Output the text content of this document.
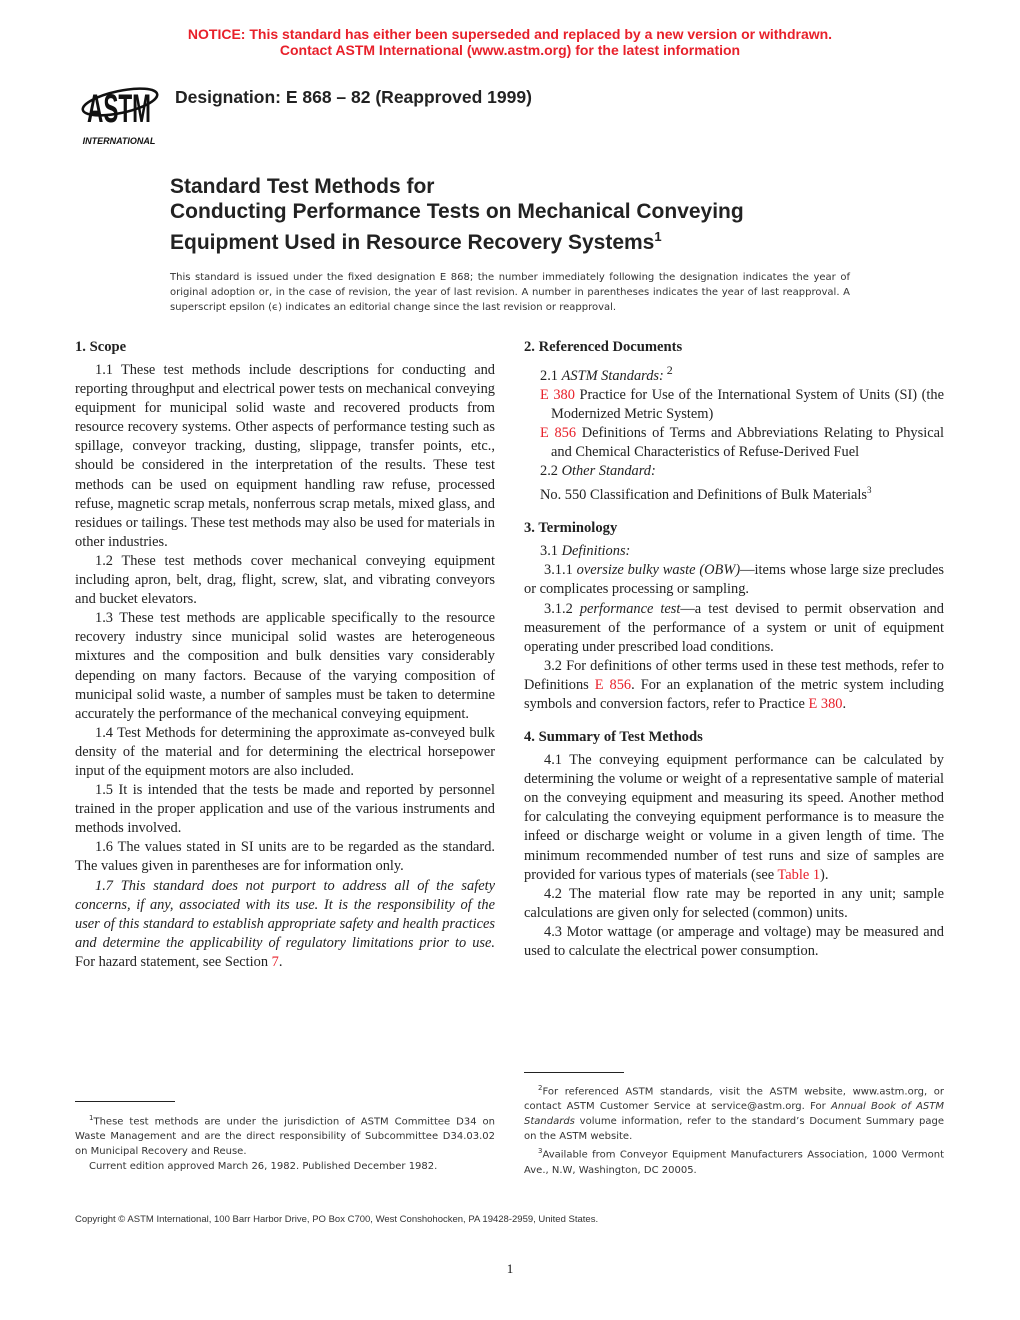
NOTICE: This standard has either been superseded and replaced by a new version or withdrawn.
Contact ASTM International (www.astm.org) for the latest information
ASTM
INTERNATIONAL
Designation: E 868 – 82 (Reapproved 1999)
Standard Test Methods for
Conducting Performance Tests on Mechanical Conveying
Equipment Used in Resource Recovery Systems$^1$
This standard is issued under the fixed designation E 868; the number immediately following the designation indicates the year of original adoption or, in the case of revision, the year of last revision. A number in parentheses indicates the year of last reapproval. A superscript epsilon (ϵ) indicates an editorial change since the last revision or reapproval.
1. Scope

1.1 These test methods include descriptions for conducting and reporting throughput and electrical power tests on mechanical conveying equipment for municipal solid waste and recovered products from resource recovery systems. Other aspects of performance testing such as spillage, conveyor tracking, dusting, slippage, transfer points, etc., should be considered in the interpretation of the results. These test methods can be used on equipment handling raw refuse, processed refuse, magnetic scrap metals, nonferrous scrap metals, mixed glass, and residues or tailings. These test methods may also be used for materials in other industries.

1.2 These test methods cover mechanical conveying equipment including apron, belt, drag, flight, screw, slat, and vibrating conveyors and bucket elevators.

1.3 These test methods are applicable specifically to the resource recovery industry since municipal solid wastes are heterogeneous mixtures and the composition and bulk densities vary considerably depending on many factors. Because of the varying composition of municipal solid waste, a number of samples must be taken to determine accurately the performance of the mechanical conveying equipment.

1.4 Test Methods for determining the approximate as-conveyed bulk density of the material and for determining the electrical horsepower input of the equipment motors are also included.

1.5 It is intended that the tests be made and reported by personnel trained in the proper application and use of the various instruments and methods involved.

1.6 The values stated in SI units are to be regarded as the standard. The values given in parentheses are for information only.

1.7 This standard does not purport to address all of the safety concerns, if any, associated with its use. It is the responsibility of the user of this standard to establish appropriate safety and health practices and determine the applicability of regulatory limitations prior to use. For hazard statement, see Section 7.

2. Referenced Documents

2.1 ASTM Standards: $^2$

E 380 Practice for Use of the International System of Units (SI) (the Modernized Metric System)

E 856 Definitions of Terms and Abbreviations Relating to Physical and Chemical Characteristics of Refuse-Derived Fuel

2.2 Other Standard:

No. 550 Classification and Definitions of Bulk Materials$^3$

3. Terminology

3.1 Definitions:

3.1.1 oversize bulky waste (OBW)—items whose large size precludes or complicates processing or sampling.

3.1.2 performance test—a test devised to permit observation and measurement of the performance of a system or unit of equipment operating under prescribed load conditions.

3.2 For definitions of other terms used in these test methods, refer to Definitions E 856. For an explanation of the metric system including symbols and conversion factors, refer to Practice E 380.

4. Summary of Test Methods

4.1 The conveying equipment performance can be calculated by determining the volume or weight of a representative sample of material on the conveying equipment and measuring its speed. Another method for calculating the conveying equipment performance is to measure the infeed or discharge weight or volume in a given length of time. The minimum recommended number of test runs and size of samples are provided for various types of materials (see Table 1).

4.2 The material flow rate may be reported in any unit; sample calculations are given only for selected (common) units.

4.3 Motor wattage (or amperage and voltage) may be measured and used to calculate the electrical power consumption.

$^1$These test methods are under the jurisdiction of ASTM Committee D34 on Waste Management and are the direct responsibility of Subcommittee D34.03.02 on Municipal Recovery and Reuse.

Current edition approved March 26, 1982. Published December 1982.

$^2$For referenced ASTM standards, visit the ASTM website, www.astm.org, or contact ASTM Customer Service at service@astm.org. For Annual Book of ASTM Standards volume information, refer to the standard’s Document Summary page on the ASTM website.

$^3$Available from Conveyor Equipment Manufacturers Association, 1000 Vermont Ave., N.W, Washington, DC 20005.

Copyright © ASTM International, 100 Barr Harbor Drive, PO Box C700, West Conshohocken, PA 19428-2959, United States.
1
